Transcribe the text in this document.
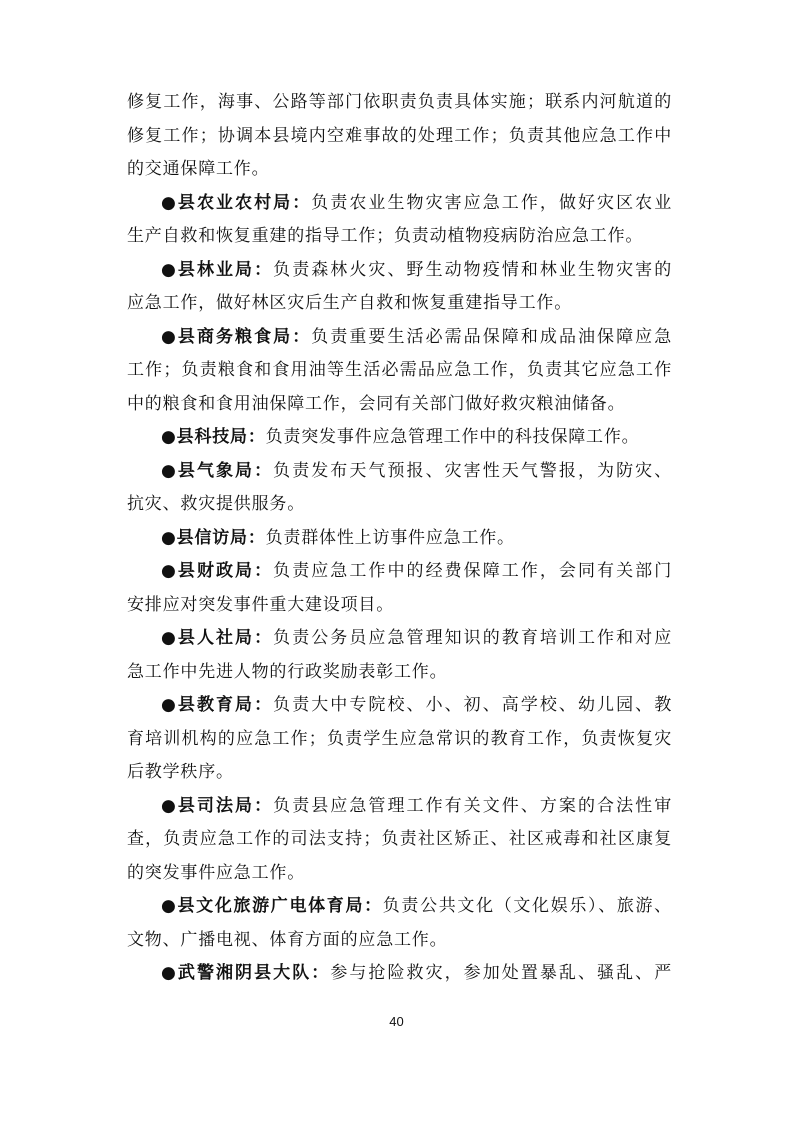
修复工作，海事、公路等部门依职责负责具体实施；联系内河航道的
修复工作；协调本县境内空难事故的处理工作；负责其他应急工作中
的交通保障工作。
●县农业农村局：负责农业生物灾害应急工作，做好灾区农业
生产自救和恢复重建的指导工作；负责动植物疫病防治应急工作。
●县林业局：负责森林火灾、野生动物疫情和林业生物灾害的
应急工作，做好林区灾后生产自救和恢复重建指导工作。
●县商务粮食局：负责重要生活必需品保障和成品油保障应急
工作；负责粮食和食用油等生活必需品应急工作，负责其它应急工作
中的粮食和食用油保障工作，会同有关部门做好救灾粮油储备。
●县科技局：负责突发事件应急管理工作中的科技保障工作。
●县气象局：负责发布天气预报、灾害性天气警报，为防灾、
抗灾、救灾提供服务。
●县信访局：负责群体性上访事件应急工作。
●县财政局：负责应急工作中的经费保障工作，会同有关部门
安排应对突发事件重大建设项目。
●县人社局：负责公务员应急管理知识的教育培训工作和对应
急工作中先进人物的行政奖励表彰工作。
●县教育局：负责大中专院校、小、初、高学校、幼儿园、教
育培训机构的应急工作；负责学生应急常识的教育工作，负责恢复灾
后教学秩序。
●县司法局：负责县应急管理工作有关文件、方案的合法性审
查，负责应急工作的司法支持；负责社区矫正、社区戒毒和社区康复
的突发事件应急工作。
●县文化旅游广电体育局：负责公共文化（文化娱乐）、旅游、
文物、广播电视、体育方面的应急工作。
●武警湘阴县大队：参与抢险救灾，参加处置暴乱、骚乱、严
40
